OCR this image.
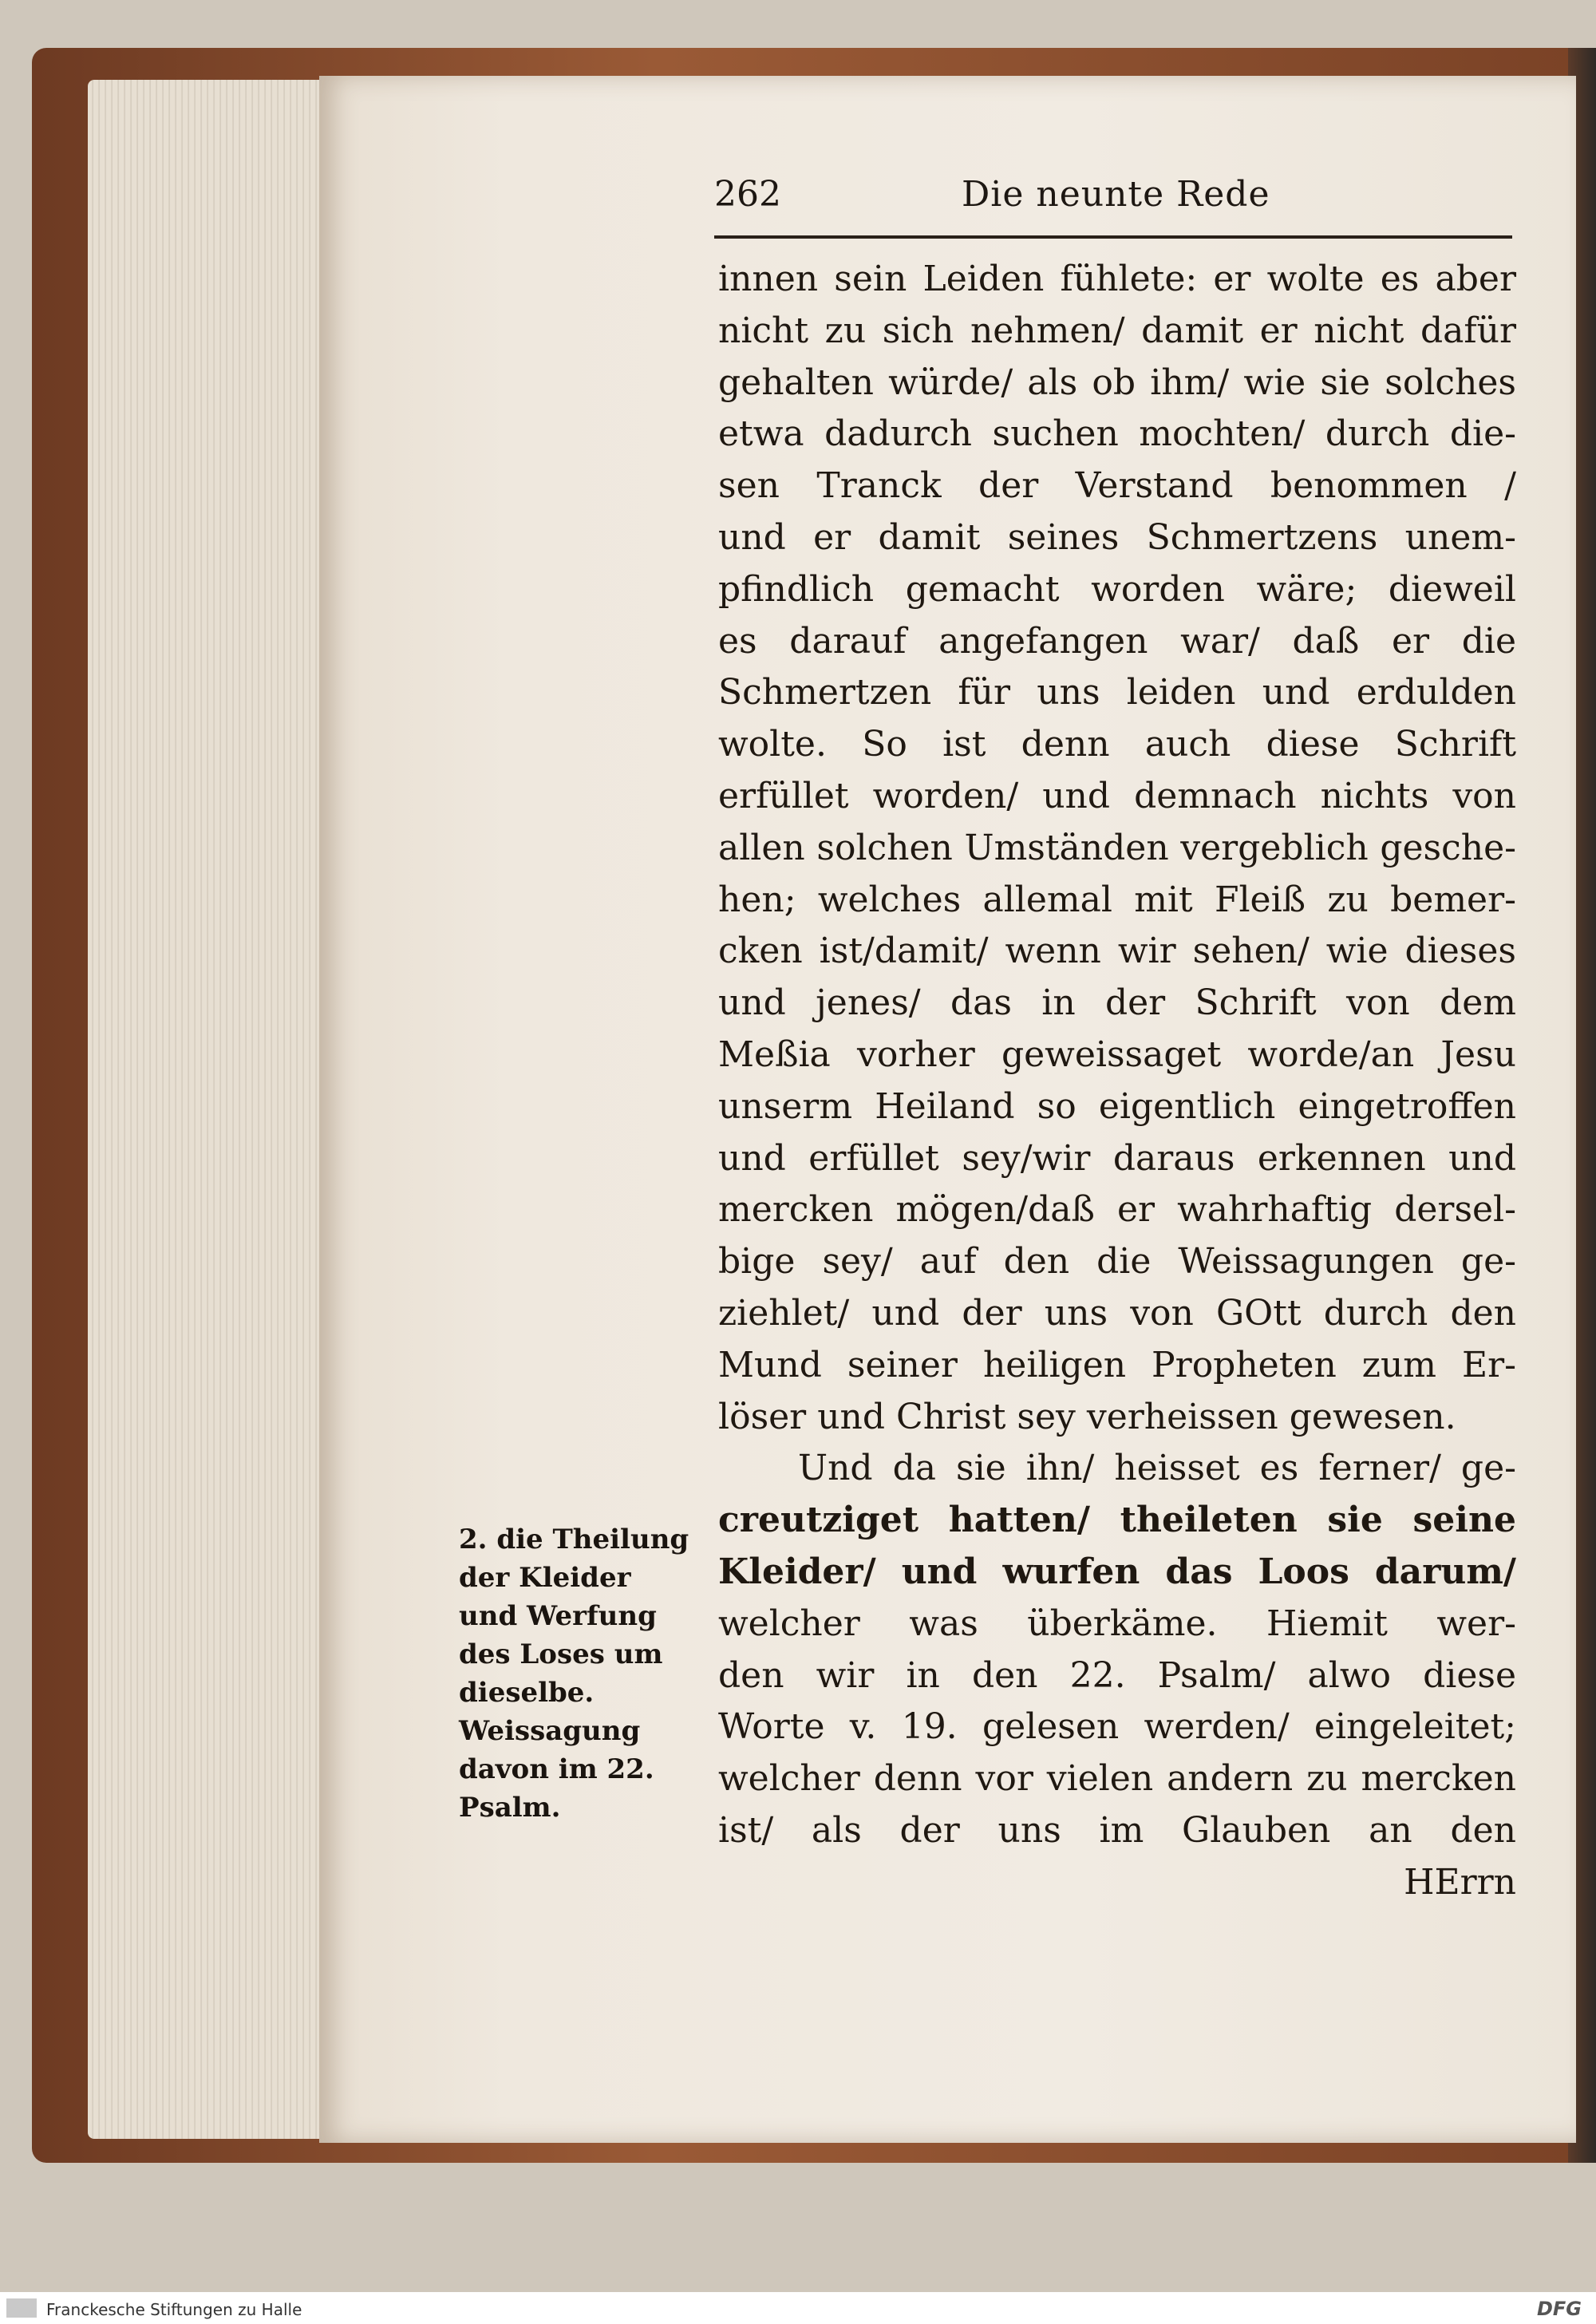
262	Die neunte Rede
innen sein Leiden fühlete: er wolte es aber
nicht zu sich nehmen/ damit er nicht dafür
gehalten würde/ als ob ihm/ wie sie solches
etwa dadurch suchen mochten/ durch die-
sen Tranck der Verstand benommen /
und er damit seines Schmertzens unem-
pfindlich gemacht worden wäre; dieweil
es darauf angefangen war/ daß er die
Schmertzen für uns leiden und erdulden
wolte. So ist denn auch diese Schrift
erfüllet worden/ und demnach nichts von
allen solchen Umständen vergeblich gesche-
hen; welches allemal mit Fleiß zu bemer-
cken ist/damit/ wenn wir sehen/ wie dieses
und jenes/ das in der Schrift von dem
Meßia vorher geweissaget worde/an Jesu
unserm Heiland so eigentlich eingetroffen
und erfüllet sey/wir daraus erkennen und
mercken mögen/daß er wahrhaftig dersel-
bige sey/ auf den die Weissagungen ge-
ziehlet/ und der uns von GOtt durch den
Mund seiner heiligen Propheten zum Er-
löser und Christ sey verheissen gewesen.
Und da sie ihn/ heisset es ferner/ ge-
creutziget hatten/ theileten sie seine
Kleider/ und wurfen das Loos darum/
welcher was überkäme. Hiemit wer-
den wir in den 22. Psalm/ alwo diese
Worte v. 19. gelesen werden/ eingeleitet;
welcher denn vor vielen andern zu mercken
ist/ als der uns im Glauben an den
HErrn
2. die Theilung
der Kleider
und Werfung
des Loses um
dieselbe.
Weissagung
davon im 22.
Psalm.
Franckesche Stiftungen zu Halle	DFG
